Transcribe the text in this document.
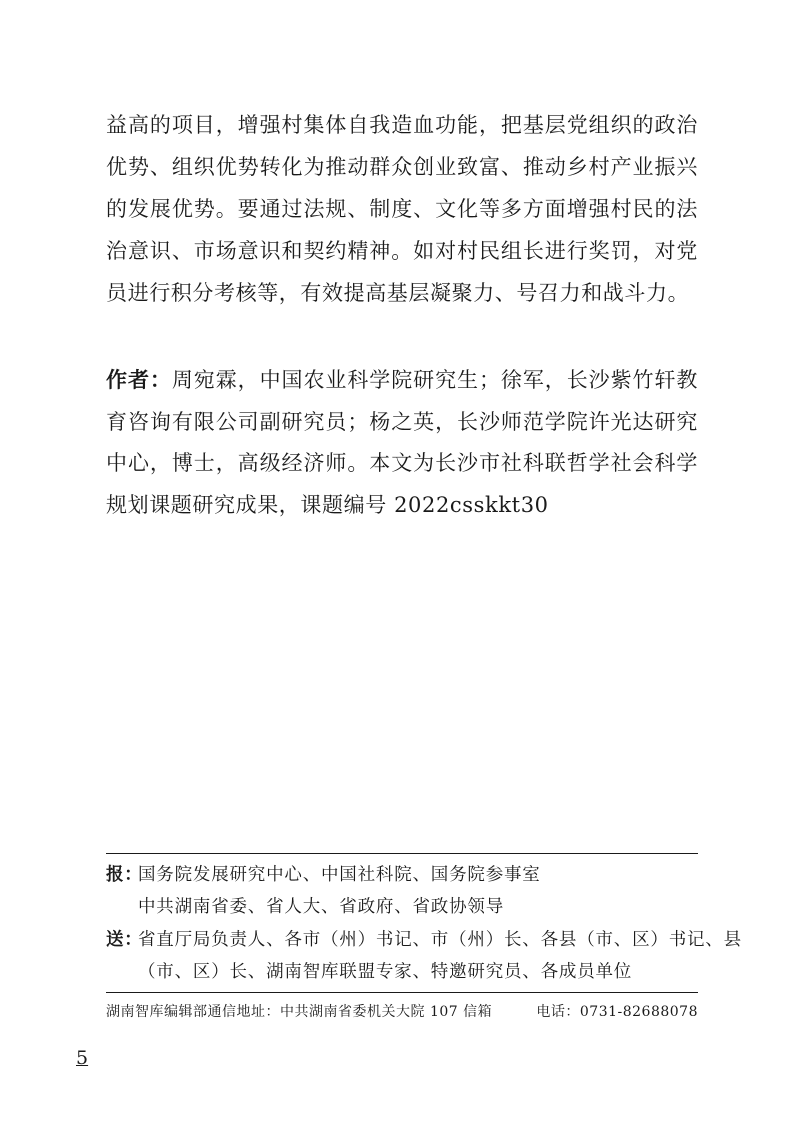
益高的项目，增强村集体自我造血功能，把基层党组织的政治优势、组织优势转化为推动群众创业致富、推动乡村产业振兴的发展优势。要通过法规、制度、文化等多方面增强村民的法治意识、市场意识和契约精神。如对村民组长进行奖罚，对党员进行积分考核等，有效提高基层凝聚力、号召力和战斗力。

作者：周宛霖，中国农业科学院研究生；徐军，长沙紫竹轩教育咨询有限公司副研究员；杨之英，长沙师范学院许光达研究中心，博士，高级经济师。本文为长沙市社科联哲学社会科学规划课题研究成果，课题编号 2022csskkt30

报：国务院发展研究中心、中国社科院、国务院参事室
中共湖南省委、省人大、省政府、省政协领导
送：省直厅局负责人、各市（州）书记、市（州）长、各县（市、区）书记、县
（市、区）长、湖南智库联盟专家、特邀研究员、各成员单位
湖南智库编辑部通信地址：中共湖南省委机关大院 107 信箱	电话：0731-82688078
5
